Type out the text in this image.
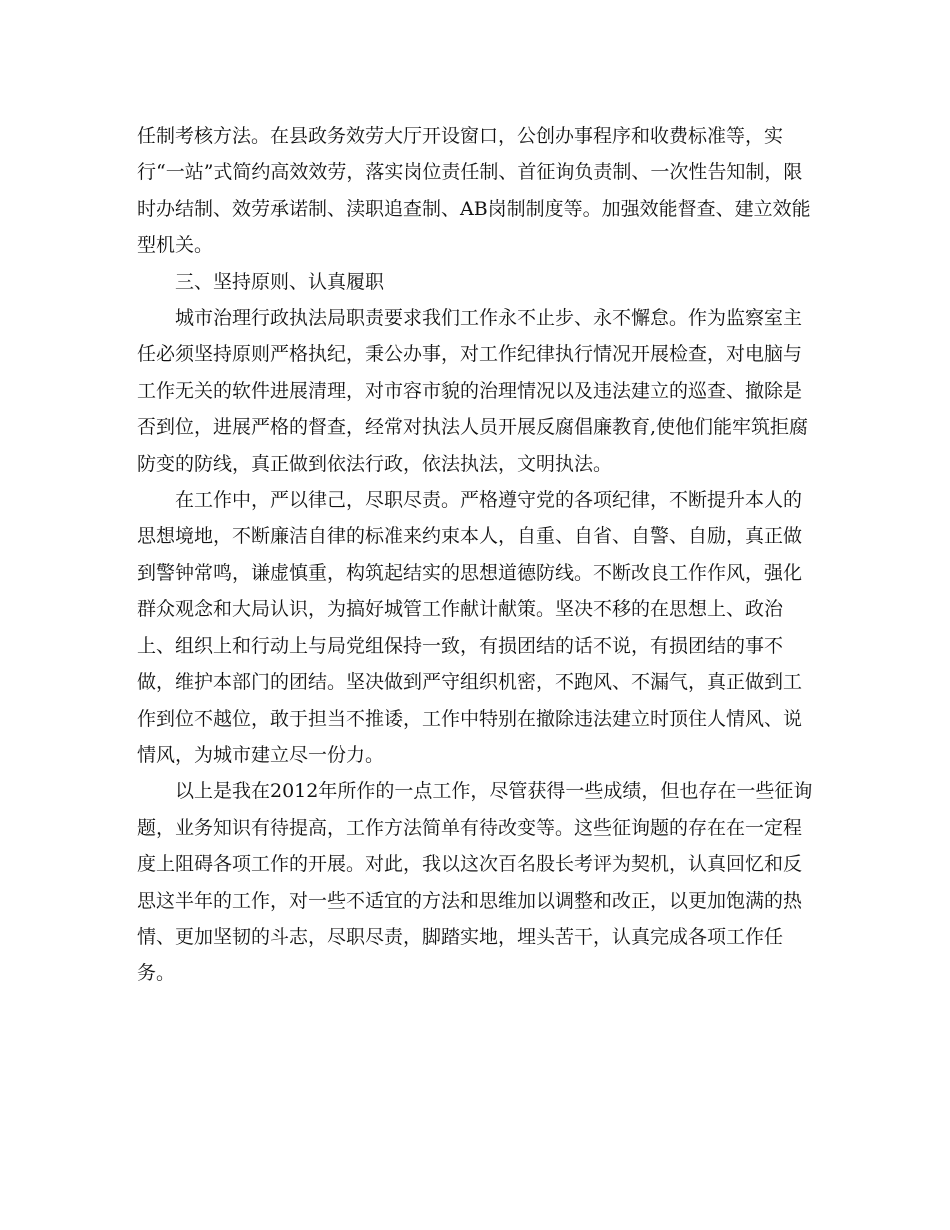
任制考核方法。在县政务效劳大厅开设窗口，公创办事程序和收费标准等，实行“一站”式简约高效效劳，落实岗位责任制、首征询负责制、一次性告知制，限时办结制、效劳承诺制、渎职追查制、AB岗制制度等。加强效能督查、建立效能型机关。

三、坚持原则、认真履职

城市治理行政执法局职责要求我们工作永不止步、永不懈怠。作为监察室主任必须坚持原则严格执纪，秉公办事，对工作纪律执行情况开展检查，对电脑与工作无关的软件进展清理，对市容市貌的治理情况以及违法建立的巡查、撤除是否到位，进展严格的督查，经常对执法人员开展反腐倡廉教育,使他们能牢筑拒腐防变的防线，真正做到依法行政，依法执法，文明执法。

在工作中，严以律己，尽职尽责。严格遵守党的各项纪律，不断提升本人的思想境地，不断廉洁自律的标准来约束本人，自重、自省、自警、自励，真正做到警钟常鸣，谦虚慎重，构筑起结实的思想道德防线。不断改良工作作风，强化群众观念和大局认识，为搞好城管工作献计献策。坚决不移的在思想上、政治上、组织上和行动上与局党组保持一致，有损团结的话不说，有损团结的事不做，维护本部门的团结。坚决做到严守组织机密，不跑风、不漏气，真正做到工作到位不越位，敢于担当不推诿，工作中特别在撤除违法建立时顶住人情风、说情风，为城市建立尽一份力。

以上是我在2012年所作的一点工作，尽管获得一些成绩，但也存在一些征询题，业务知识有待提高，工作方法简单有待改变等。这些征询题的存在在一定程度上阻碍各项工作的开展。对此，我以这次百名股长考评为契机，认真回忆和反思这半年的工作，对一些不适宜的方法和思维加以调整和改正，以更加饱满的热情、更加坚韧的斗志，尽职尽责，脚踏实地，埋头苦干，认真完成各项工作任务。
